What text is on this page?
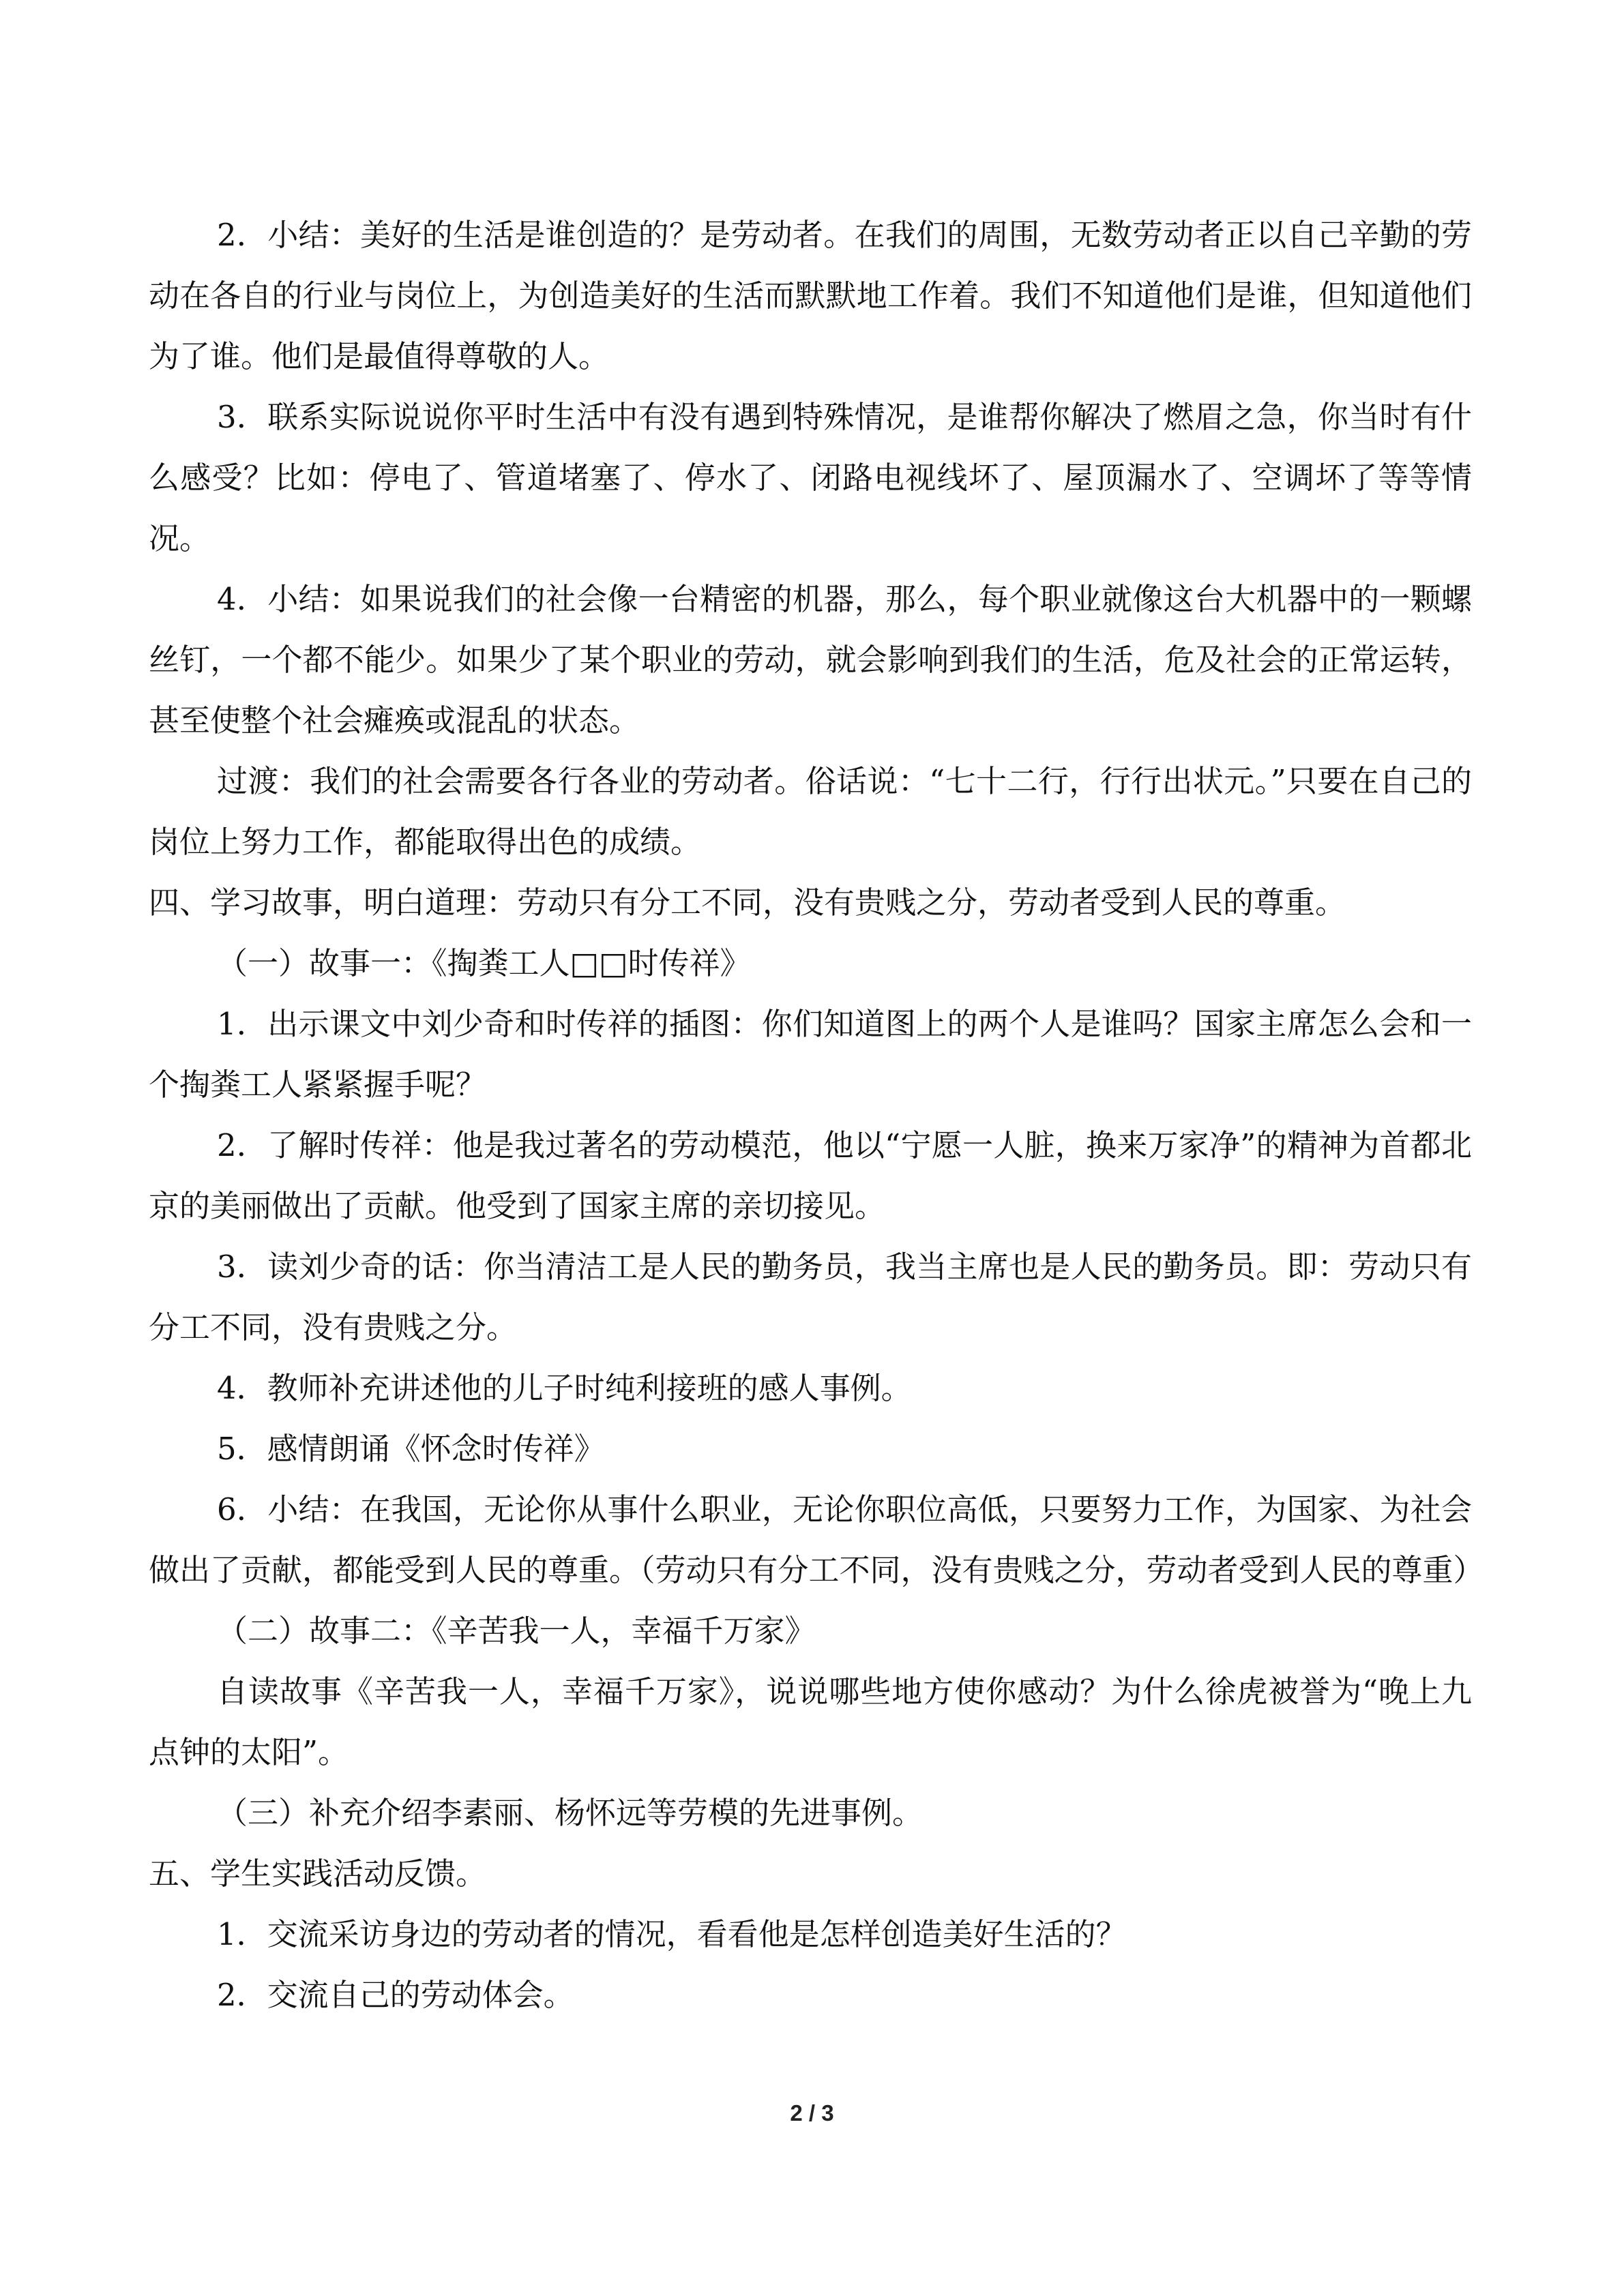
2．小结：美好的生活是谁创造的？是劳动者。在我们的周围，无数劳动者正以自己辛勤的劳动在各自的行业与岗位上，为创造美好的生活而默默地工作着。我们不知道他们是谁，但知道他们为了谁。他们是最值得尊敬的人。

3．联系实际说说你平时生活中有没有遇到特殊情况，是谁帮你解决了燃眉之急，你当时有什么感受？比如：停电了、管道堵塞了、停水了、闭路电视线坏了、屋顶漏水了、空调坏了等等情况。

4．小结：如果说我们的社会像一台精密的机器，那么，每个职业就像这台大机器中的一颗螺丝钉，一个都不能少。如果少了某个职业的劳动，就会影响到我们的生活，危及社会的正常运转，甚至使整个社会瘫痪或混乱的状态。

过渡：我们的社会需要各行各业的劳动者。俗话说：“七十二行，行行出状元。”只要在自己的岗位上努力工作，都能取得出色的成绩。

四、学习故事，明白道理：劳动只有分工不同，没有贵贱之分，劳动者受到人民的尊重。

（一）故事一：《掏粪工人□□时传祥》

1．出示课文中刘少奇和时传祥的插图：你们知道图上的两个人是谁吗？国家主席怎么会和一个掏粪工人紧紧握手呢？

2．了解时传祥：他是我过著名的劳动模范，他以“宁愿一人脏，换来万家净”的精神为首都北京的美丽做出了贡献。他受到了国家主席的亲切接见。

3．读刘少奇的话：你当清洁工是人民的勤务员，我当主席也是人民的勤务员。即：劳动只有分工不同，没有贵贱之分。

4．教师补充讲述他的儿子时纯利接班的感人事例。

5．感情朗诵《怀念时传祥》

6．小结：在我国，无论你从事什么职业，无论你职位高低，只要努力工作，为国家、为社会做出了贡献，都能受到人民的尊重。（劳动只有分工不同，没有贵贱之分，劳动者受到人民的尊重）

（二）故事二：《辛苦我一人，幸福千万家》

自读故事《辛苦我一人，幸福千万家》，说说哪些地方使你感动？为什么徐虎被誉为“晚上九点钟的太阳”。

（三）补充介绍李素丽、杨怀远等劳模的先进事例。

五、学生实践活动反馈。

1．交流采访身边的劳动者的情况，看看他是怎样创造美好生活的？

2．交流自己的劳动体会。

2 / 3
